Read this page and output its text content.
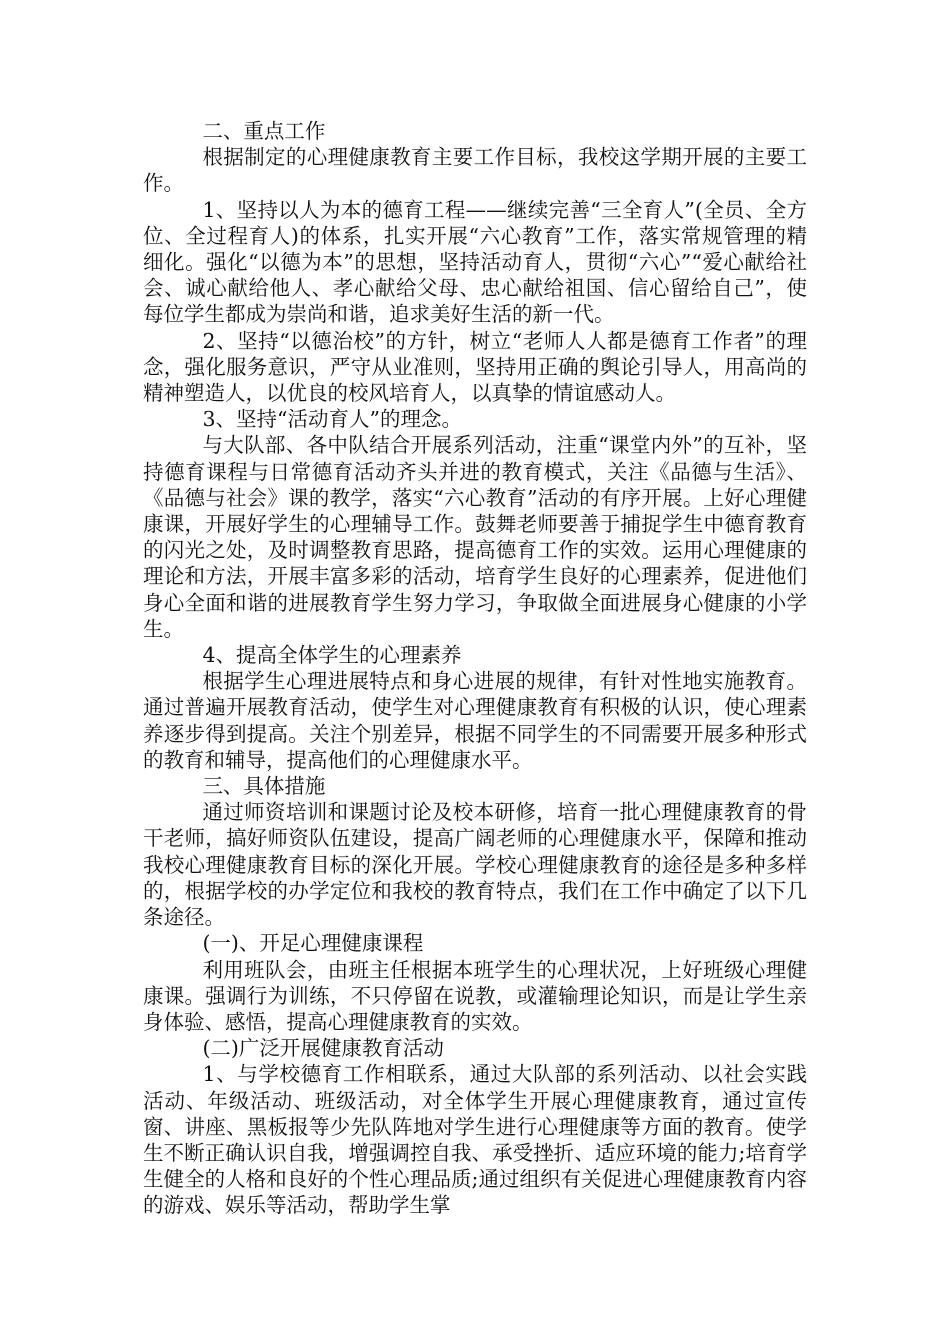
二、重点工作

根据制定的心理健康教育主要工作目标，我校这学期开展的主要工作。

1、坚持以人为本的德育工程——继续完善“三全育人”(全员、全方位、全过程育人)的体系，扎实开展“六心教育”工作，落实常规管理的精细化。强化“以德为本”的思想，坚持活动育人，贯彻“六心”“爱心献给社会、诚心献给他人、孝心献给父母、忠心献给祖国、信心留给自己”，使每位学生都成为崇尚和谐，追求美好生活的新一代。

2、坚持“以德治校”的方针，树立“老师人人都是德育工作者”的理念，强化服务意识，严守从业准则，坚持用正确的舆论引导人，用高尚的精神塑造人，以优良的校风培育人，以真挚的情谊感动人。

3、坚持“活动育人”的理念。

与大队部、各中队结合开展系列活动，注重“课堂内外”的互补，坚持德育课程与日常德育活动齐头并进的教育模式，关注《品德与生活》、《品德与社会》课的教学，落实“六心教育”活动的有序开展。上好心理健康课，开展好学生的心理辅导工作。鼓舞老师要善于捕捉学生中德育教育的闪光之处，及时调整教育思路，提高德育工作的实效。运用心理健康的理论和方法，开展丰富多彩的活动，培育学生良好的心理素养，促进他们身心全面和谐的进展教育学生努力学习，争取做全面进展身心健康的小学生。

4、提高全体学生的心理素养

根据学生心理进展特点和身心进展的规律，有针对性地实施教育。通过普遍开展教育活动，使学生对心理健康教育有积极的认识，使心理素养逐步得到提高。关注个别差异，根据不同学生的不同需要开展多种形式的教育和辅导，提高他们的心理健康水平。

三、具体措施

通过师资培训和课题讨论及校本研修，培育一批心理健康教育的骨干老师，搞好师资队伍建设，提高广阔老师的心理健康水平，保障和推动我校心理健康教育目标的深化开展。学校心理健康教育的途径是多种多样的，根据学校的办学定位和我校的教育特点，我们在工作中确定了以下几条途径。

(一)、开足心理健康课程

利用班队会，由班主任根据本班学生的心理状况，上好班级心理健康课。强调行为训练，不只停留在说教，或灌输理论知识，而是让学生亲身体验、感悟，提高心理健康教育的实效。

(二)广泛开展健康教育活动

1、与学校德育工作相联系，通过大队部的系列活动、以社会实践活动、年级活动、班级活动，对全体学生开展心理健康教育，通过宣传窗、讲座、黑板报等少先队阵地对学生进行心理健康等方面的教育。使学生不断正确认识自我，增强调控自我、承受挫折、适应环境的能力;培育学生健全的人格和良好的个性心理品质;通过组织有关促进心理健康教育内容的游戏、娱乐等活动，帮助学生掌
